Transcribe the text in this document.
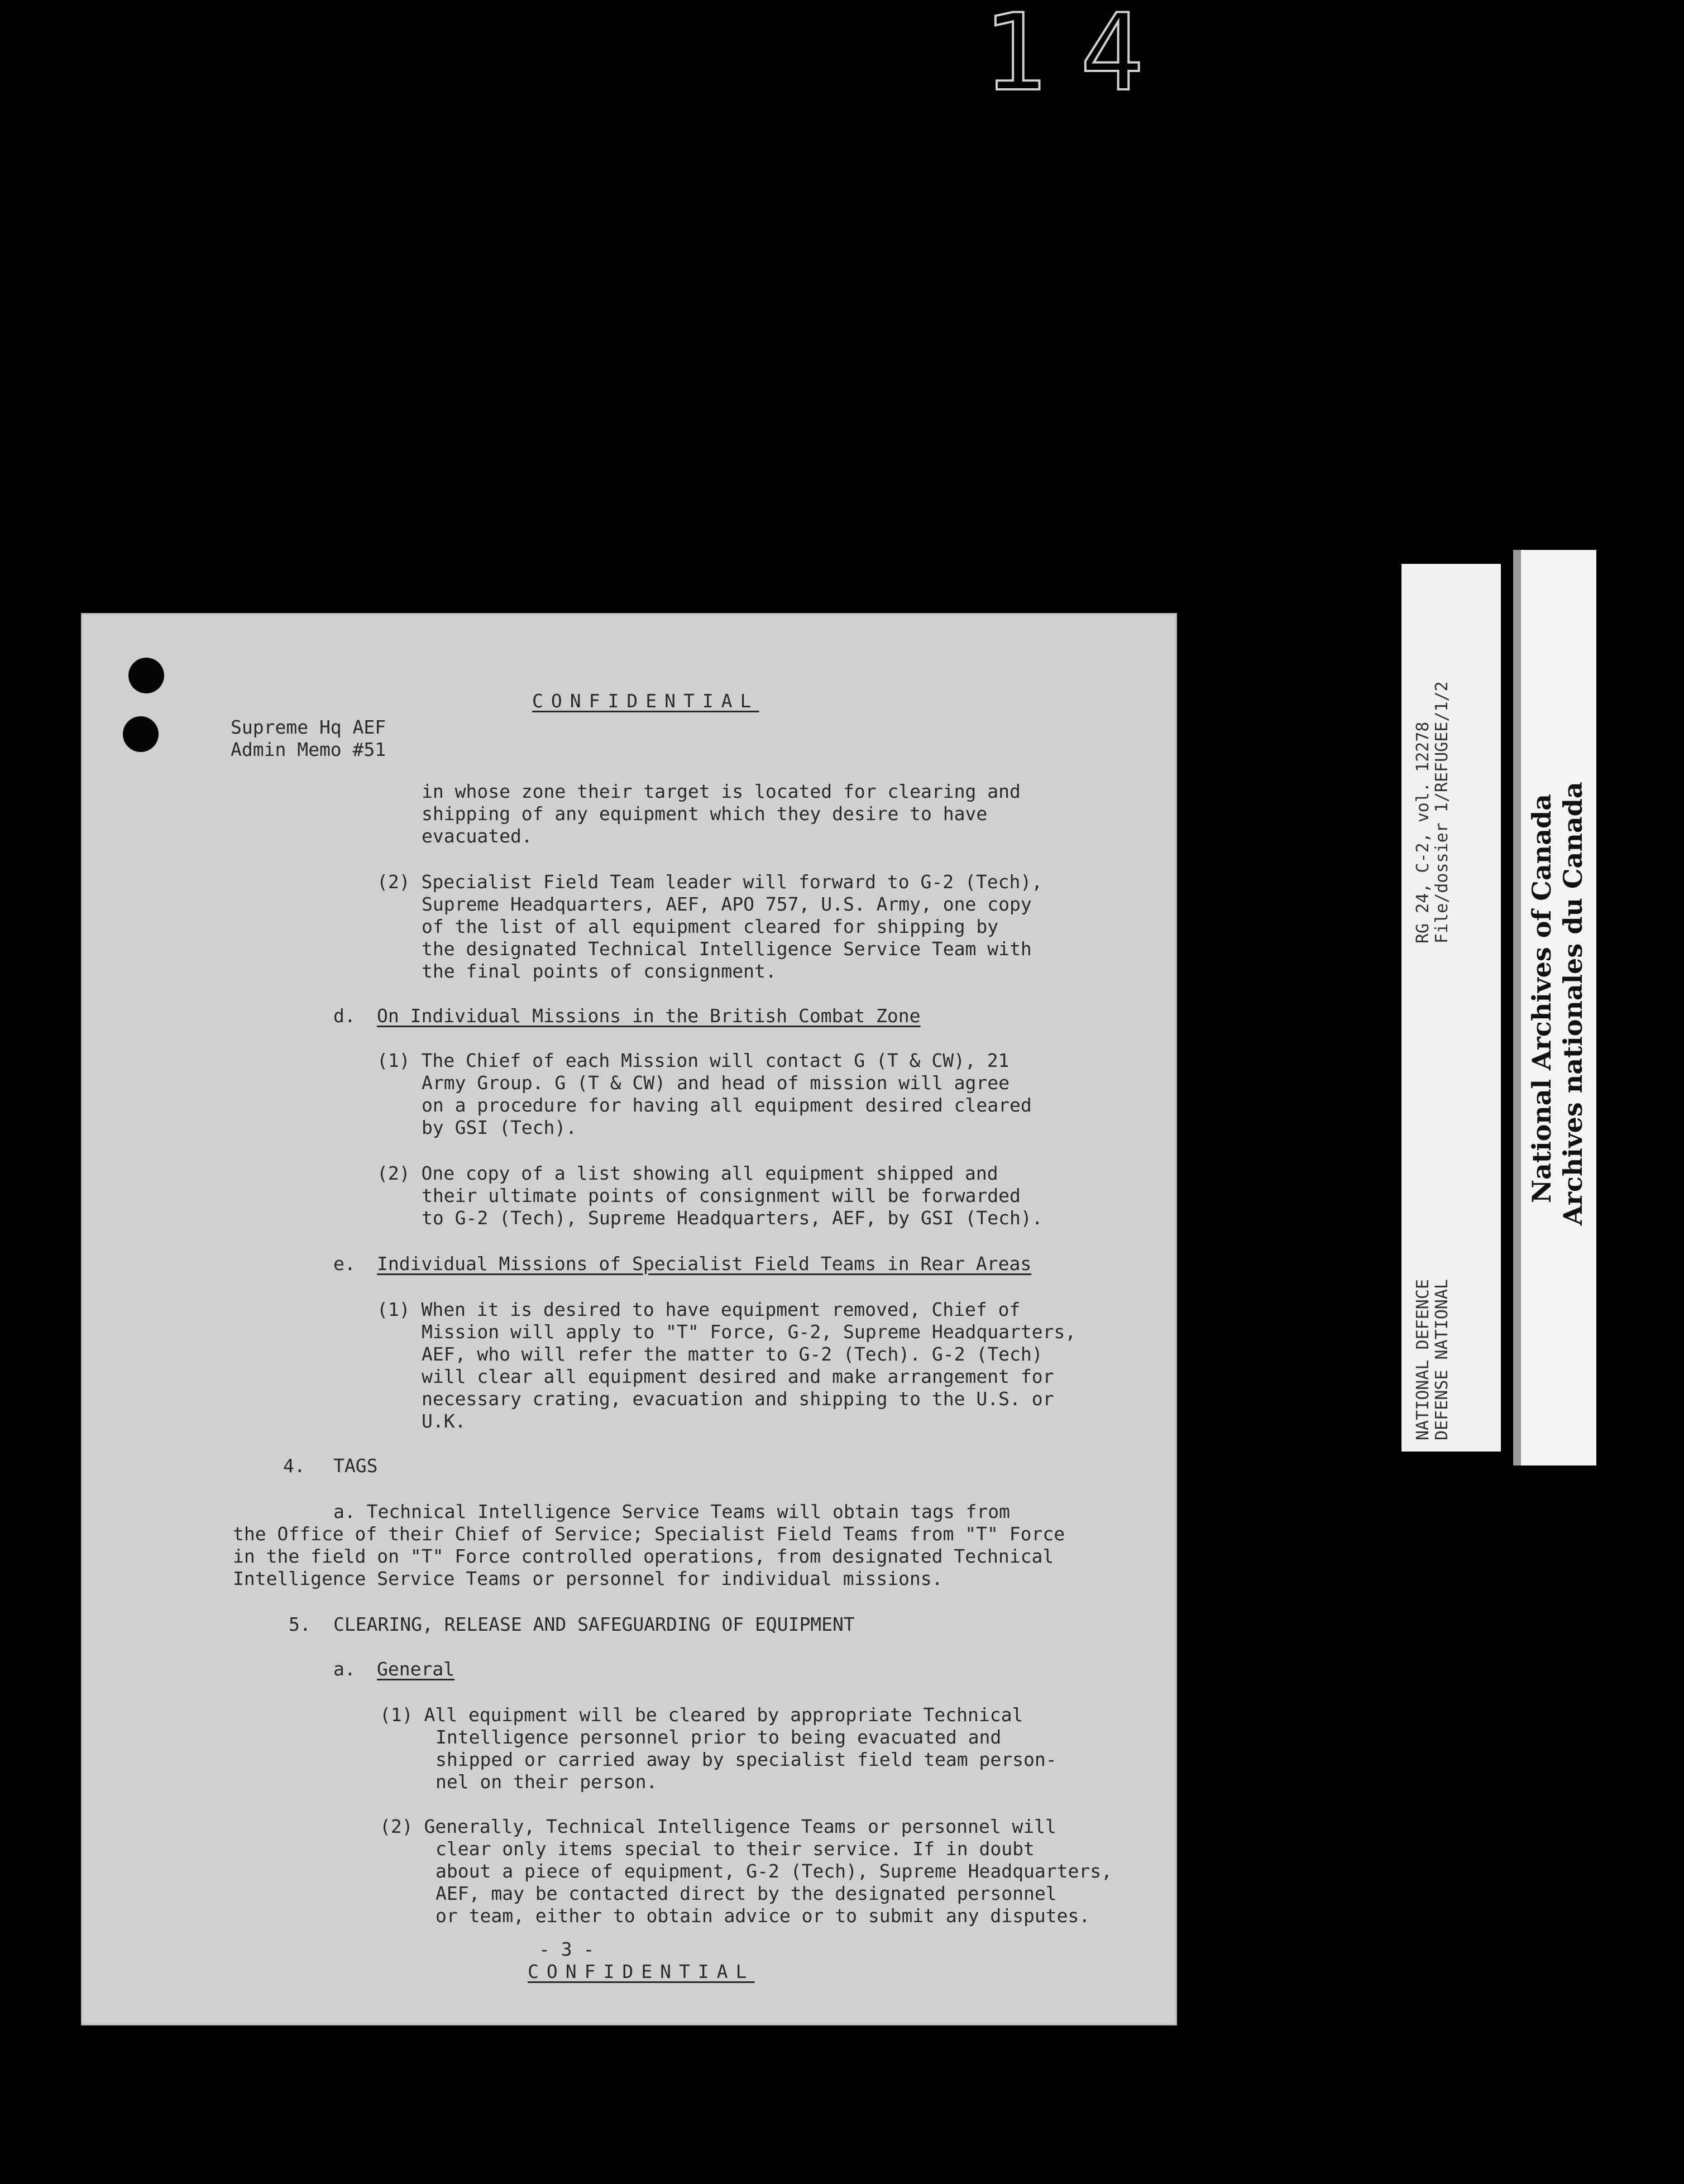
14
CONFIDENTIAL
Supreme Hq AEF
Admin Memo #51
in whose zone their target is located for clearing and
shipping of any equipment which they desire to have
evacuated.
(2) Specialist Field Team leader will forward to G-2 (Tech),
Supreme Headquarters, AEF, APO 757, U.S. Army, one copy
of the list of all equipment cleared for shipping by
the designated Technical Intelligence Service Team with
the final points of consignment.
d. On Individual Missions in the British Combat Zone
(1) The Chief of each Mission will contact G (T & CW), 21
Army Group. G (T & CW) and head of mission will agree
on a procedure for having all equipment desired cleared
by GSI (Tech).
(2) One copy of a list showing all equipment shipped and
their ultimate points of consignment will be forwarded
to G-2 (Tech), Supreme Headquarters, AEF, by GSI (Tech).
e. Individual Missions of Specialist Field Teams in Rear Areas
(1) When it is desired to have equipment removed, Chief of
Mission will apply to "T" Force, G-2, Supreme Headquarters,
AEF, who will refer the matter to G-2 (Tech). G-2 (Tech)
will clear all equipment desired and make arrangement for
necessary crating, evacuation and shipping to the U.S. or
U.K.
4. TAGS
a. Technical Intelligence Service Teams will obtain tags from
the Office of their Chief of Service; Specialist Field Teams from "T" Force
in the field on "T" Force controlled operations, from designated Technical
Intelligence Service Teams or personnel for individual missions.
5. CLEARING, RELEASE AND SAFEGUARDING OF EQUIPMENT
a. General
(1) All equipment will be cleared by appropriate Technical
Intelligence personnel prior to being evacuated and
shipped or carried away by specialist field team person-
nel on their person.
(2) Generally, Technical Intelligence Teams or personnel will
clear only items special to their service. If in doubt
about a piece of equipment, G-2 (Tech), Supreme Headquarters,
AEF, may be contacted direct by the designated personnel
or team, either to obtain advice or to submit any disputes.
- 3 -
CONFIDENTIAL
RG 24, C-2, vol. 12278 File/dossier 1/REFUGEE/1/2
NATIONAL DEFENCE DEFENSE NATIONAL
National Archives of Canada Archives nationales du Canada
